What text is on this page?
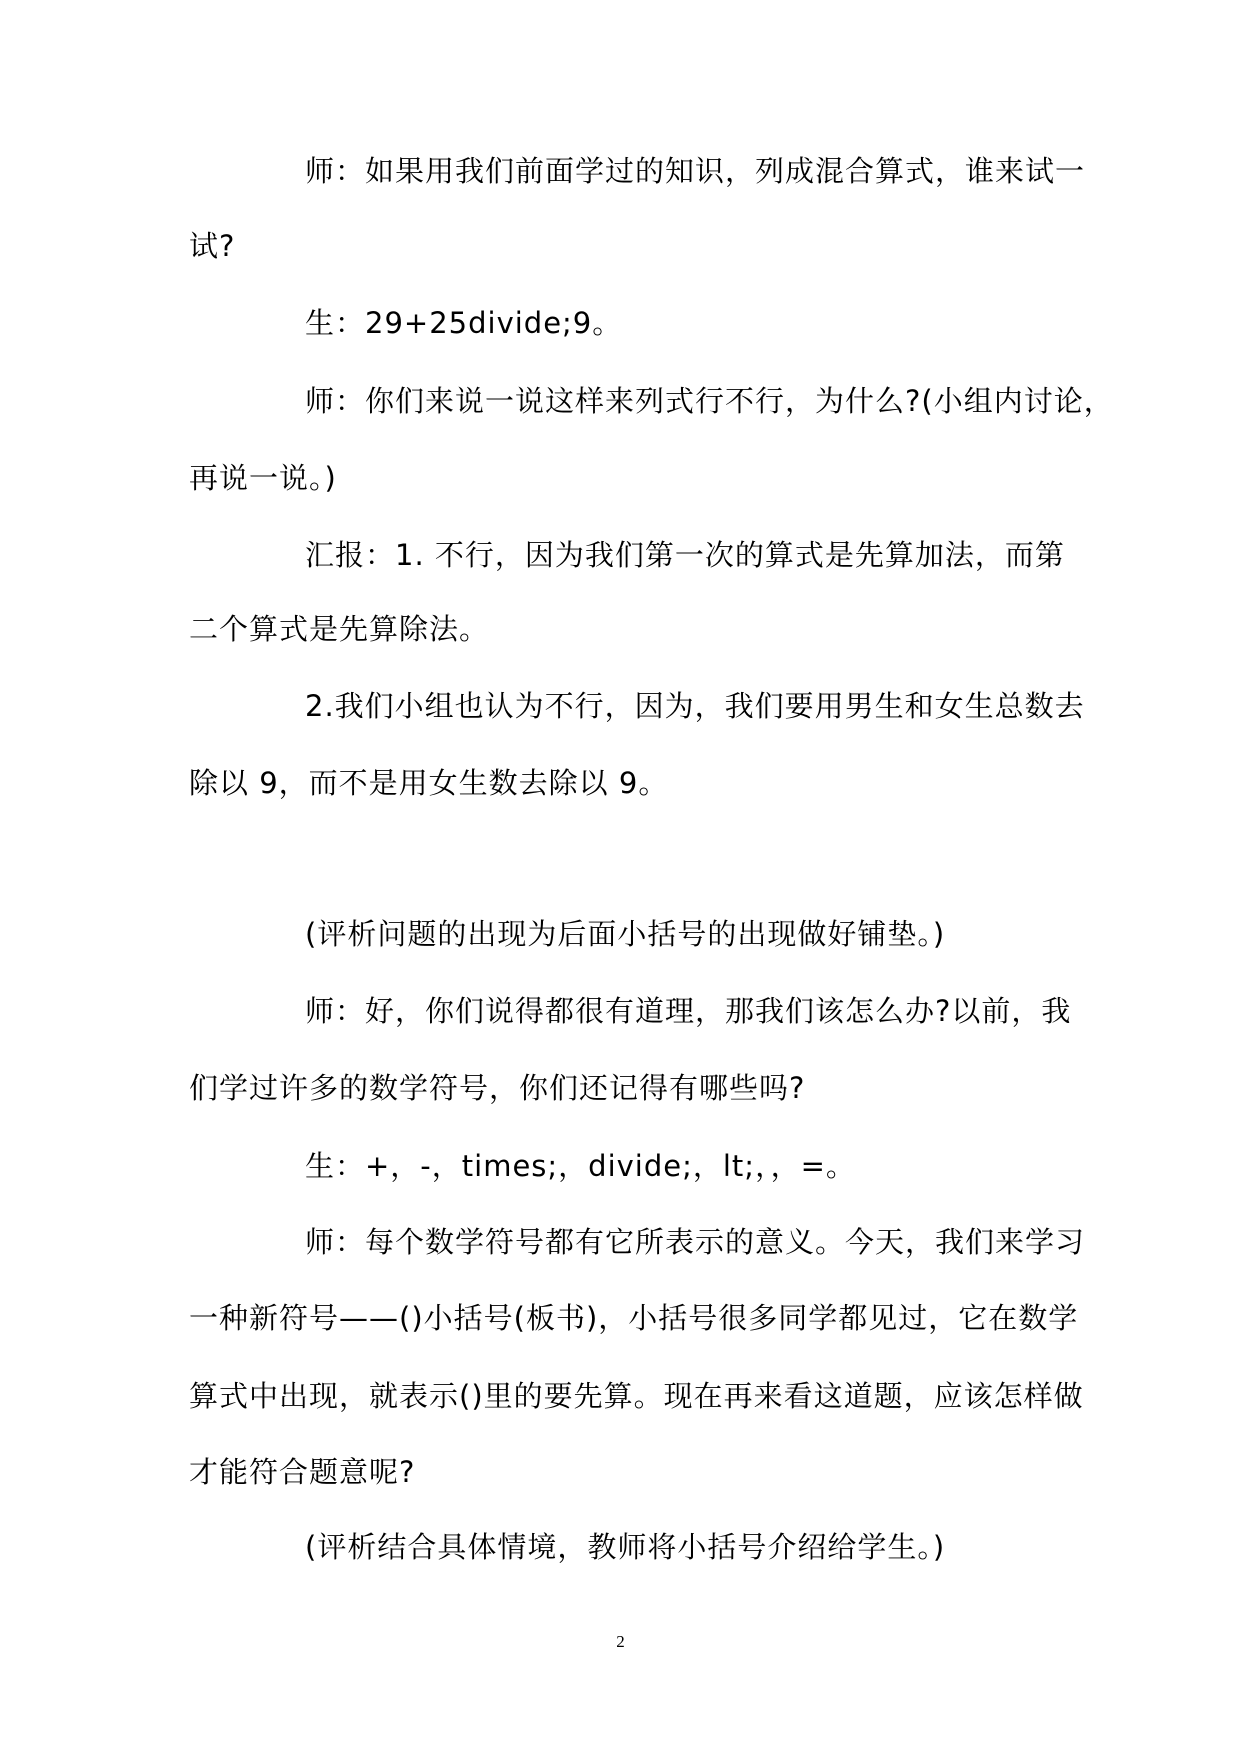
师：如果用我们前面学过的知识，列成混合算式，谁来试一
试?
生：29+25divide;9。
师：你们来说一说这样来列式行不行，为什么?(小组内讨论，
再说一说。)
汇报：1. 不行，因为我们第一次的算式是先算加法，而第
二个算式是先算除法。
2.我们小组也认为不行，因为，我们要用男生和女生总数去
除以 9，而不是用女生数去除以 9。
(评析问题的出现为后面小括号的出现做好铺垫。)
师：好，你们说得都很有道理，那我们该怎么办?以前，我
们学过许多的数学符号，你们还记得有哪些吗?
生：+，-，times;，divide;，lt;，，=。
师：每个数学符号都有它所表示的意义。今天，我们来学习
一种新符号——()小括号(板书)，小括号很多同学都见过，它在数学
算式中出现，就表示()里的要先算。现在再来看这道题，应该怎样做
才能符合题意呢?
(评析结合具体情境，教师将小括号介绍给学生。)
2
